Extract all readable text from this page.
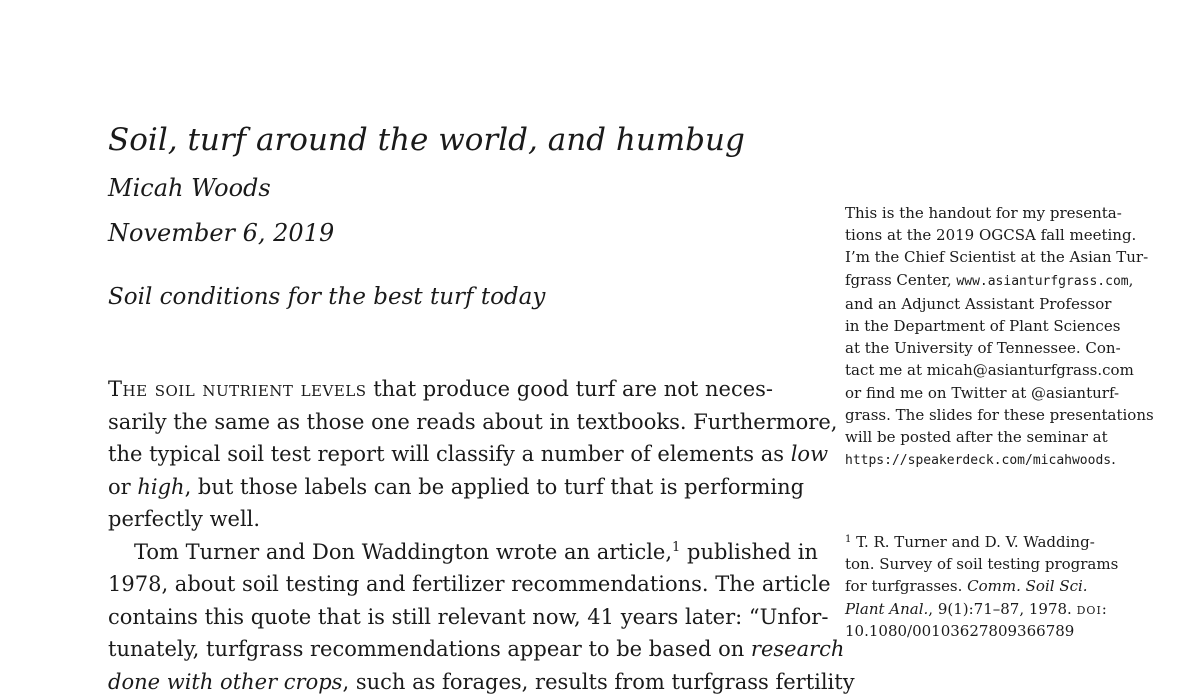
Soil, turf around the world, and humbug
Micah Woods
November 6, 2019
Soil conditions for the best turf today
The soil nutrient levels that produce good turf are not neces-
sarily the same as those one reads about in textbooks. Furthermore,
the typical soil test report will classify a number of elements as low
or high, but those labels can be applied to turf that is performing
perfectly well.
Tom Turner and Don Waddington wrote an article,$^1$ published in
1978, about soil testing and fertilizer recommendations. The article
contains this quote that is still relevant now, 41 years later: “Unfor-
tunately, turfgrass recommendations appear to be based on research
done with other crops, such as forages, results from turfgrass fertility
This is the handout for my presenta-
tions at the 2019 OGCSA fall meeting.
I’m the Chief Scientist at the Asian Tur-
fgrass Center, www.asianturfgrass.com,
and an Adjunct Assistant Professor
in the Department of Plant Sciences
at the University of Tennessee. Con-
tact me at micah@asianturfgrass.com
or find me on Twitter at @asianturf-
grass. The slides for these presentations
will be posted after the seminar at
https://speakerdeck.com/micahwoods.
$^1$ T. R. Turner and D. V. Wadding-
ton. Survey of soil testing programs
for turfgrasses. Comm. Soil Sci.
Plant Anal., 9(1):71–87, 1978. doi:
10.1080/00103627809366789
